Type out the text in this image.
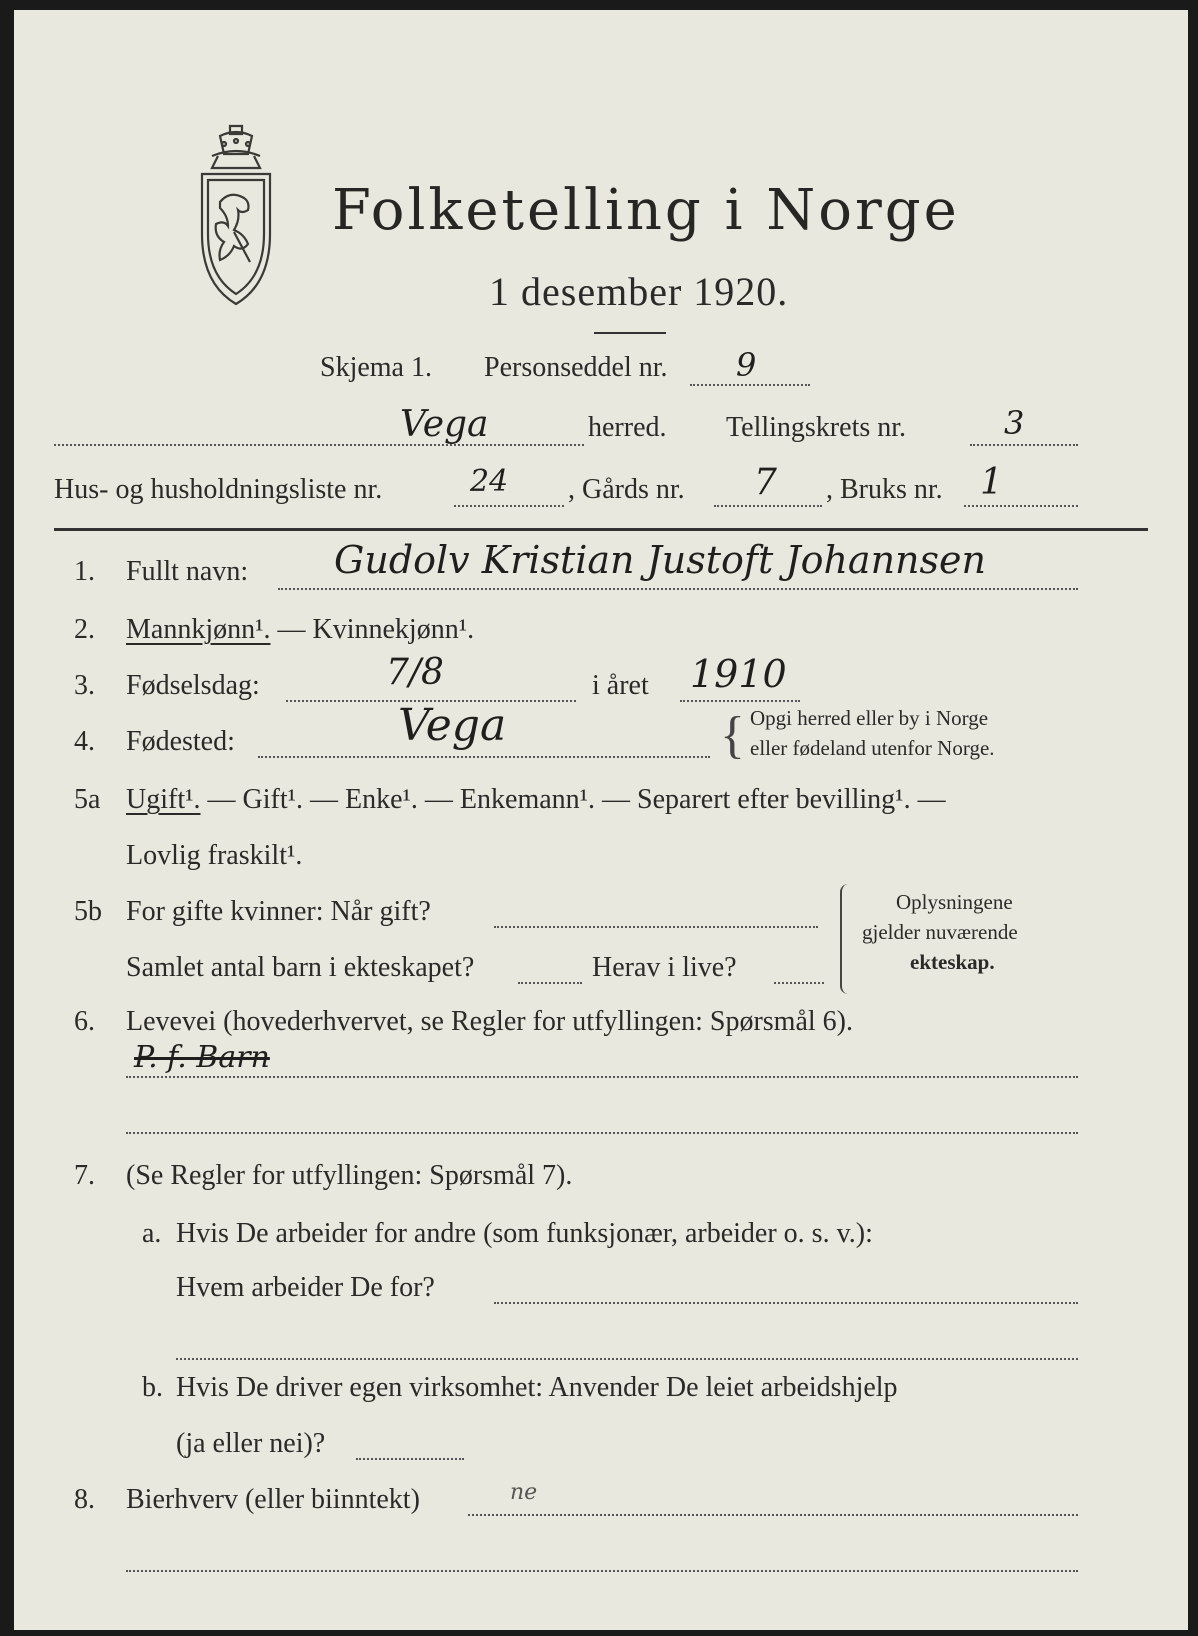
Folketelling i Norge
1 desember 1920.
Skjema 1. Personseddel nr. 9
Vega	herred. Tellingskrets nr.	3
Hus- og husholdningsliste nr.	24 , Gårds nr. 7 , Bruks nr. 1
1. Fullt navn: Gudolv Kristian Justoft Johannsen
2. Mannkjønn¹. — Kvinnekjønn¹.
3. Fødselsdag:	7/8	i året 1910
4. Fødested:	Vega	{ Opgi herred eller by i Norge
eller fødeland utenfor Norge.
5a Ugift¹. — Gift¹. — Enke¹. — Enkemann¹. — Separert efter bevilling¹. —
Lovlig fraskilt¹.
5b For gifte kvinner: Når gift?
Samlet antal barn i ekteskapet?	Herav i live?
Oplysningene
gjelder nuværende
ekteskap.
6. Levevei (hovederhvervet, se Regler for utfyllingen: Spørsmål 6).
P. f. Barn
7. (Se Regler for utfyllingen: Spørsmål 7).
a. Hvis De arbeider for andre (som funksjonær, arbeider o. s. v.):
Hvem arbeider De for?
b. Hvis De driver egen virksomhet: Anvender De leiet arbeidshjelp
(ja eller nei)?
8. Bierhverv (eller biinntekt)	ne
